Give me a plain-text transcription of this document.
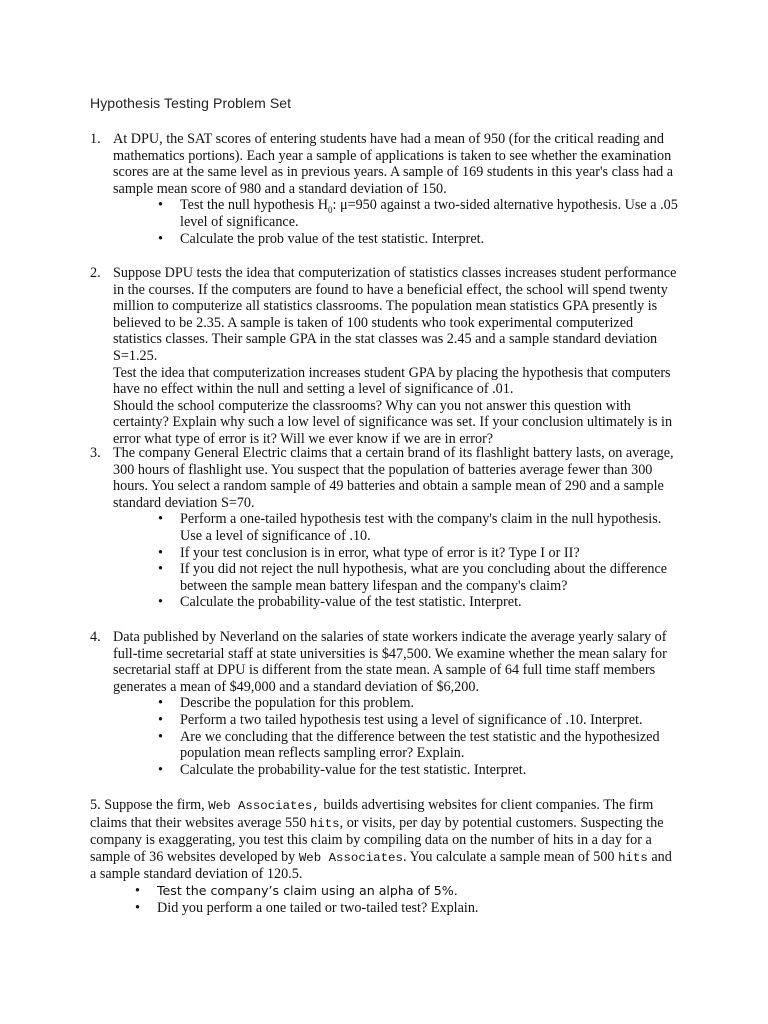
Hypothesis Testing Problem Set
1. At DPU, the SAT scores of entering students have had a mean of 950 (for the critical reading and mathematics portions). Each year a sample of applications is taken to see whether the examination scores are at the same level as in previous years. A sample of 169 students in this year's class had a sample mean score of 980 and a standard deviation of 150.

• Test the null hypothesis $H_0$: μ=950 against a two-sided alternative hypothesis. Use a .05 level of significance.
• Calculate the prob value of the test statistic. Interpret.
2. Suppose DPU tests the idea that computerization of statistics classes increases student performance in the courses. If the computers are found to have a beneficial effect, the school will spend twenty million to computerize all statistics classrooms. The population mean statistics GPA presently is believed to be 2.35. A sample is taken of 100 students who took experimental computerized statistics classes. Their sample GPA in the stat classes was 2.45 and a sample standard deviation S=1.25.

Test the idea that computerization increases student GPA by placing the hypothesis that computers have no effect within the null and setting a level of significance of .01.

Should the school computerize the classrooms? Why can you not answer this question with certainty? Explain why such a low level of significance was set. If your conclusion ultimately is in error what type of error is it? Will we ever know if we are in error?

3. The company General Electric claims that a certain brand of its flashlight battery lasts, on average, 300 hours of flashlight use. You suspect that the population of batteries average fewer than 300 hours. You select a random sample of 49 batteries and obtain a sample mean of 290 and a sample standard deviation S=70.

• Perform a one-tailed hypothesis test with the company's claim in the null hypothesis. Use a level of significance of .10.
• If your test conclusion is in error, what type of error is it? Type I or II?
• If you did not reject the null hypothesis, what are you concluding about the difference between the sample mean battery lifespan and the company's claim?
• Calculate the probability-value of the test statistic. Interpret.
4. Data published by Neverland on the salaries of state workers indicate the average yearly salary of full-time secretarial staff at state universities is $47,500. We examine whether the mean salary for secretarial staff at DPU is different from the state mean. A sample of 64 full time staff members generates a mean of $49,000 and a standard deviation of $6,200.

• Describe the population for this problem.
• Perform a two tailed hypothesis test using a level of significance of .10. Interpret.
• Are we concluding that the difference between the test statistic and the hypothesized population mean reflects sampling error? Explain.
• Calculate the probability-value for the test statistic. Interpret.

5. Suppose the firm, Web Associates, builds advertising websites for client companies. The firm claims that their websites average 550 hits, or visits, per day by potential customers. Suspecting the company is exaggerating, you test this claim by compiling data on the number of hits in a day for a sample of 36 websites developed by Web Associates. You calculate a sample mean of 500 hits and a sample standard deviation of 120.5.

• Test the company’s claim using an alpha of 5%.
• Did you perform a one tailed or two-tailed test? Explain.
